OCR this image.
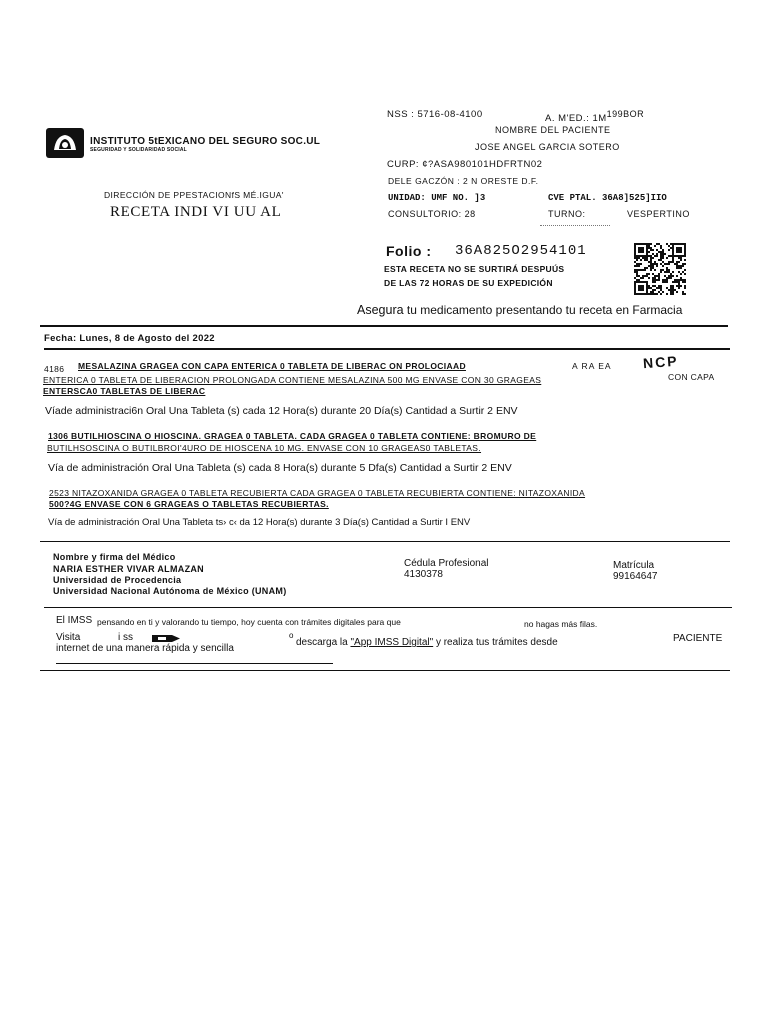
INSTITUTO 5tEXICANO DEL SEGURO SOC.UL
SEGURIDAD Y SOLIDARIDAD SOCIAL
DIRECCIÓN DE PPESTACIONfS MÉ.IGUA'
RECETA INDI VI UU AL
NSS : 5716-08-4100	A. M'ED.: $1M^{199BOR}$
NOMBRE DEL PACIENTE
JOSE ANGEL GARCIA SOTERO
CURP: ¢?ASA980101HDFRTN02
DELE GACZÓN : 2 N ORESTE D.F.
UNIDAD: UMF NO. ]3	CVE PTAL. 36A8]525]IIO
CONSULTORIO: 28	TURNO:	VESPERTINO
Folio : 36A825O2954101
ESTA RECETA NO SE SURTIRÁ DESPUÚS
DE LAS 72 HORAS DE SU EXPEDICIÓN
Asegura tu medicamento presentando tu receta en Farmacia
Fecha: Lunes, 8 de Agosto del 2022
4186 MESALAZINA GRAGEA CON CAPA ENTERICA 0 TABLETA DE LIBERAC ON PROLOCIAAD	A RA EA NCP
CON CAPA
ENTERICA 0 TABLETA DE LIBERACION PROLONGADA CONTIENE MESALAZINA 500 MG ENVASE CON 30 GRAGEAS
ENTERSCA0 TABLETAS DE LIBERAC
Víade administraci6n Oral Una Tableta (s) cada 12 Hora(s) durante 20 Día(s) Cantidad a Surtir 2 ENV
1306 BUTILHIOSCINA O HIOSCINA. GRAGEA 0 TABLETA. CADA GRAGEA 0 TABLETA CONTIENE: BROMURO DE
BUTILHSOSCINA O BUTILBROI'4URO DE HIOSCENA 10 MG. ENVASE CON 10 GRAGEAS0 TABLETAS.
Vía de administración Oral Una Tableta (s) cada 8 Hora(s) durante 5 Dfa(s) Cantidad a Surtir 2 ENV
2523 NITAZOXANIDA GRAGEA 0 TABLETA RECUBIERTA CADA GRAGEA 0 TABLETA RECUBIERTA CONTIENE: NITAZOXANIDA
500?4G ENVASE CON 6 GRAGEAS O TABLETAS RECUBIERTAS.
Vía de administración Oral Una Tableta ts› c‹ da 12 Hora(s) durante 3 Día(s) Cantidad a Surtir I ENV
Nombre y firma del Médico
NARIA ESTHER VIVAR ALMAZAN
Universidad de Procedencia
Universidad Nacional Autónoma de México (UNAM)
Cédula Profesional
4130378
Matrícula
99164647
El IMSS pensando en ti y valorando tu tiempo, hoy cuenta con trámites digitales para que	no hagas más filas.
Visita	i ss	o
descarga la "App IMSS Digital" y realiza tus trámites desde	PACIENTE
internet de una manera rápida y sencilla
